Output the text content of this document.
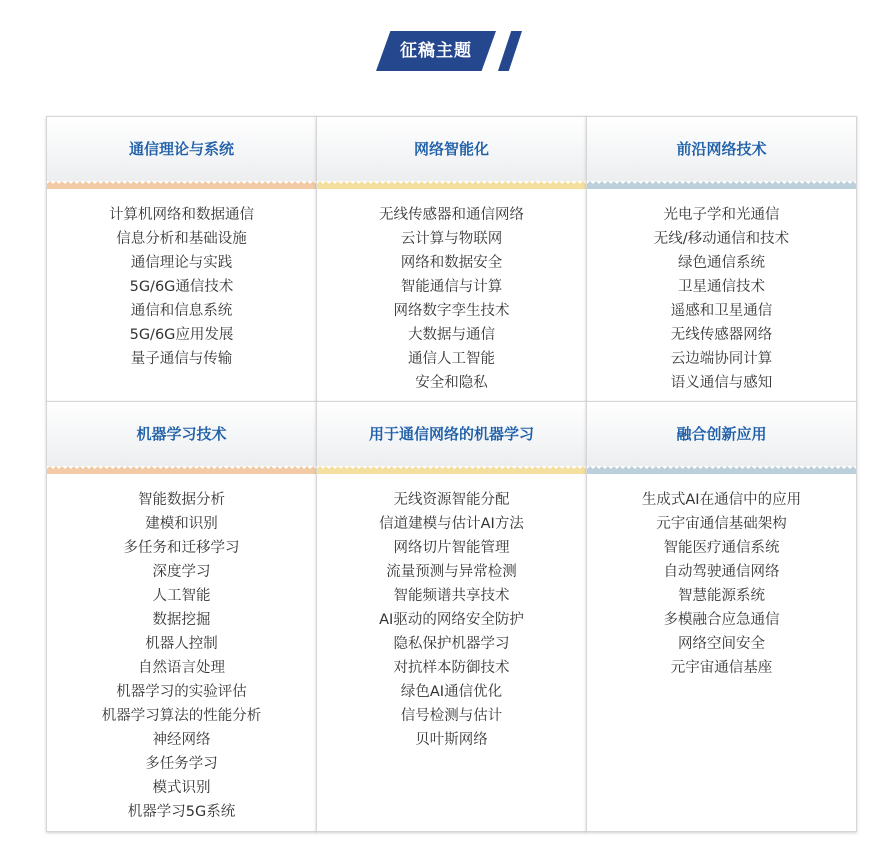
征稿主题
通信理论与系统
计算机网络和数据通信
信息分析和基础设施
通信理论与实践
5G/6G通信技术
通信和信息系统
5G/6G应用发展
量子通信与传输
网络智能化
无线传感器和通信网络
云计算与物联网
网络和数据安全
智能通信与计算
网络数字孪生技术
大数据与通信
通信人工智能
安全和隐私
前沿网络技术
光电子学和光通信
无线/移动通信和技术
绿色通信系统
卫星通信技术
遥感和卫星通信
无线传感器网络
云边端协同计算
语义通信与感知
机器学习技术
智能数据分析
建模和识别
多任务和迁移学习
深度学习
人工智能
数据挖掘
机器人控制
自然语言处理
机器学习的实验评估
机器学习算法的性能分析
神经网络
多任务学习
模式识别
机器学习5G系统
用于通信网络的机器学习
无线资源智能分配
信道建模与估计AI方法
网络切片智能管理
流量预测与异常检测
智能频谱共享技术
AI驱动的网络安全防护
隐私保护机器学习
对抗样本防御技术
绿色AI通信优化
信号检测与估计
贝叶斯网络
融合创新应用
生成式AI在通信中的应用
元宇宙通信基础架构
智能医疗通信系统
自动驾驶通信网络
智慧能源系统
多模融合应急通信
网络空间安全
元宇宙通信基座
